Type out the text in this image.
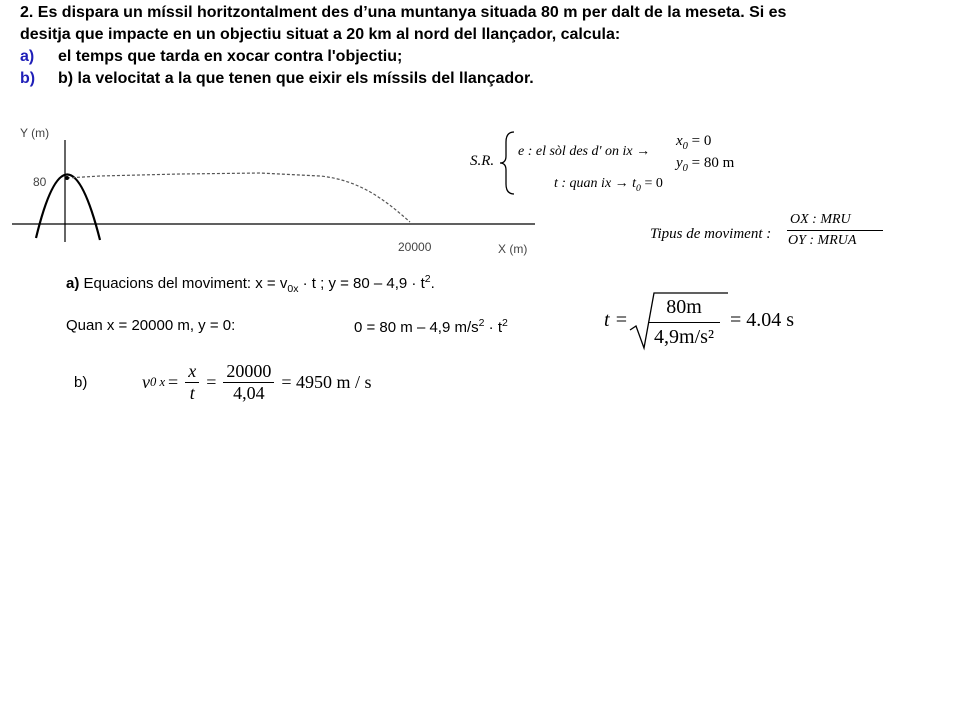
2. Es dispara un míssil horitzontalment des d’una muntanya situada 80 m per dalt de la meseta. Si es
desitja que impacte en un objectiu situat a 20 km al nord del llançador, calcula:
a) el temps que tarda en xocar contra l'objectiu;
b) b) la velocitat a la que tenen que eixir els míssils del llançador.
Y (m)
80
20000	X (m)
S.R.
e : el sòl des d' on ix →
$x_0 = 0$
$y_0 = 80$ m
t : quan ix → $t_0 = 0$
Tipus de moviment :
OX : MRU
OY : MRUA
a) Equacions del moviment: $x = v_{0x} \cdot t$ ; $y = 80 - 4,9 \cdot t^2$.
Quan x = 20000 m, y = 0:	0 = 80 m – 4,9 $m/s^2 \cdot t^2$	t =
80m
4,9m/s²
= 4.04 s
b)	v 0 $x = \frac{x}{t} = \frac{20000}{4,04} = 4950$ m / s
